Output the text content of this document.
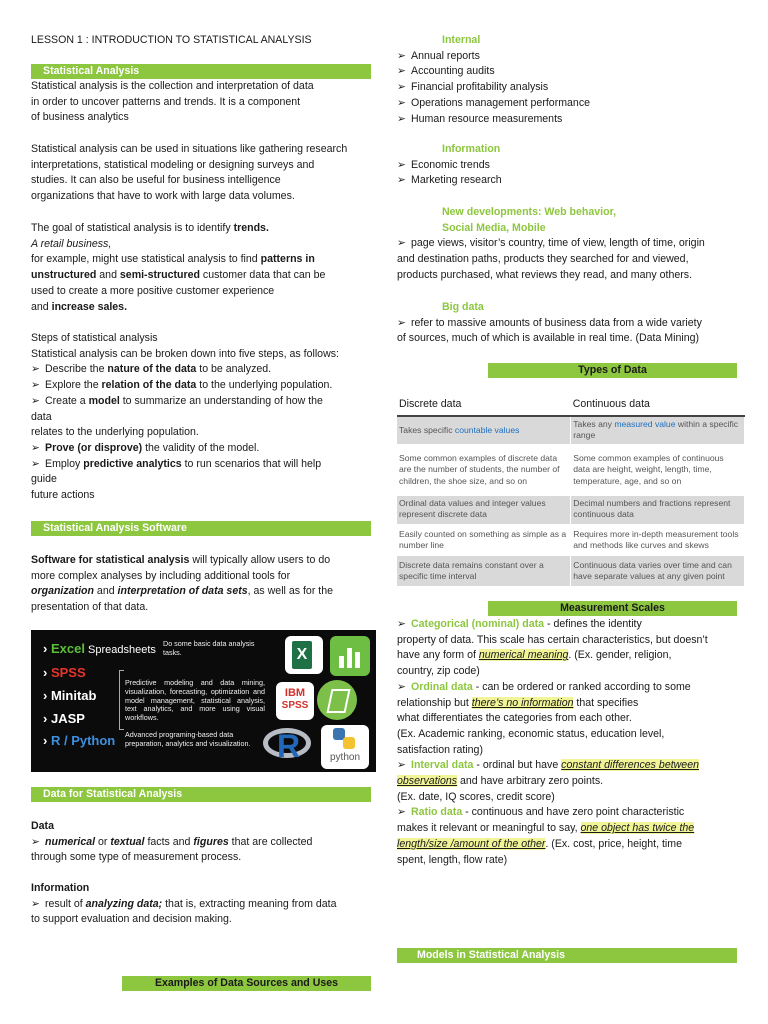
LESSON 1 : INTRODUCTION TO STATISTICAL ANALYSIS

Statistical Analysis

Statistical analysis is the collection and interpretation of data

in order to uncover patterns and trends. It is a component

of business analytics

Statistical analysis can be used in situations like gathering research

interpretations, statistical modeling or designing surveys and

studies. It can also be useful for business intelligence

organizations that have to work with large data volumes.

The goal of statistical analysis is to identify trends.

A retail business,

for example, might use statistical analysis to find patterns in

unstructured and semi-structured customer data that can be

used to create a more positive customer experience

and increase sales.

Steps of statistical analysis

Statistical analysis can be broken down into five steps, as follows:

➢ Describe the nature of the data to be analyzed.

➢ Explore the relation of the data to the underlying population.

➢ Create a model to summarize an understanding of how the

data

relates to the underlying population.

➢ Prove (or disprove) the validity of the model.

➢ Employ predictive analytics to run scenarios that will help

guide

future actions

Statistical Analysis Software

Software for statistical analysis will typically allow users to do

more complex analyses by including additional tools for

organization and interpretation of data sets, as well as for the

presentation of that data.

› Excel Spreadsheets
› SPSS
› Minitab
› JASP
› R / Python
Do some basic data analysis tasks.
Predictive modeling and data mining, visualization, forecasting, optimization and model management, statistical analysis, text analytics, and more using visual workflows.
Advanced programing-based data preparation, analytics and visualization.
X
IBM
SPSS
R	python
Data for Statistical Analysis

Data

➢ numerical or textual facts and figures that are collected

through some type of measurement process.

Information

➢ result of analyzing data; that is, extracting meaning from data

to support evaluation and decision making.

Examples of Data Sources and Uses

Internal

➢ Annual reports

➢ Accounting audits

➢ Financial profitability analysis

➢ Operations management performance

➢ Human resource measurements

Information

➢ Economic trends

➢ Marketing research

New developments: Web behavior,

Social Media, Mobile

➢ page views, visitor’s country, time of view, length of time, origin

and destination paths, products they searched for and viewed,

products purchased, what reviews they read, and many others.

Big data

➢ refer to massive amounts of business data from a wide variety

of sources, much of which is available in real time. (Data Mining)

Types of Data
Discrete data	Continuous data
Takes specific countable values	Takes any measured value within a specific range
Some common examples of discrete data are the number of students, the number of children, the shoe size, and so on	Some common examples of continuous data are height, weight, length, time, temperature, age, and so on
Ordinal data values and integer values represent discrete data	Decimal numbers and fractions represent continuous data
Easily counted on something as simple as a number line	Requires more in-depth measurement tools and methods like curves and skews
Discrete data remains constant over a specific time interval	Continuous data varies over time and can have separate values at any given point
Measurement Scales

➢ Categorical (nominal) data - defines the identity

property of data. This scale has certain characteristics, but doesn’t

have any form of numerical meaning. (Ex. gender, religion,

country, zip code)

➢ Ordinal data - can be ordered or ranked according to some

relationship but there’s no information that specifies

what differentiates the categories from each other.

(Ex. Academic ranking, economic status, education level,

satisfaction rating)

➢ Interval data - ordinal but have constant differences between

observations and have arbitrary zero points.

(Ex. date, IQ scores, credit score)

➢ Ratio data - continuous and have zero point characteristic

makes it relevant or meaningful to say, one object has twice the

length/size /amount of the other. (Ex. cost, price, height, time

spent, length, flow rate)

Models in Statistical Analysis
